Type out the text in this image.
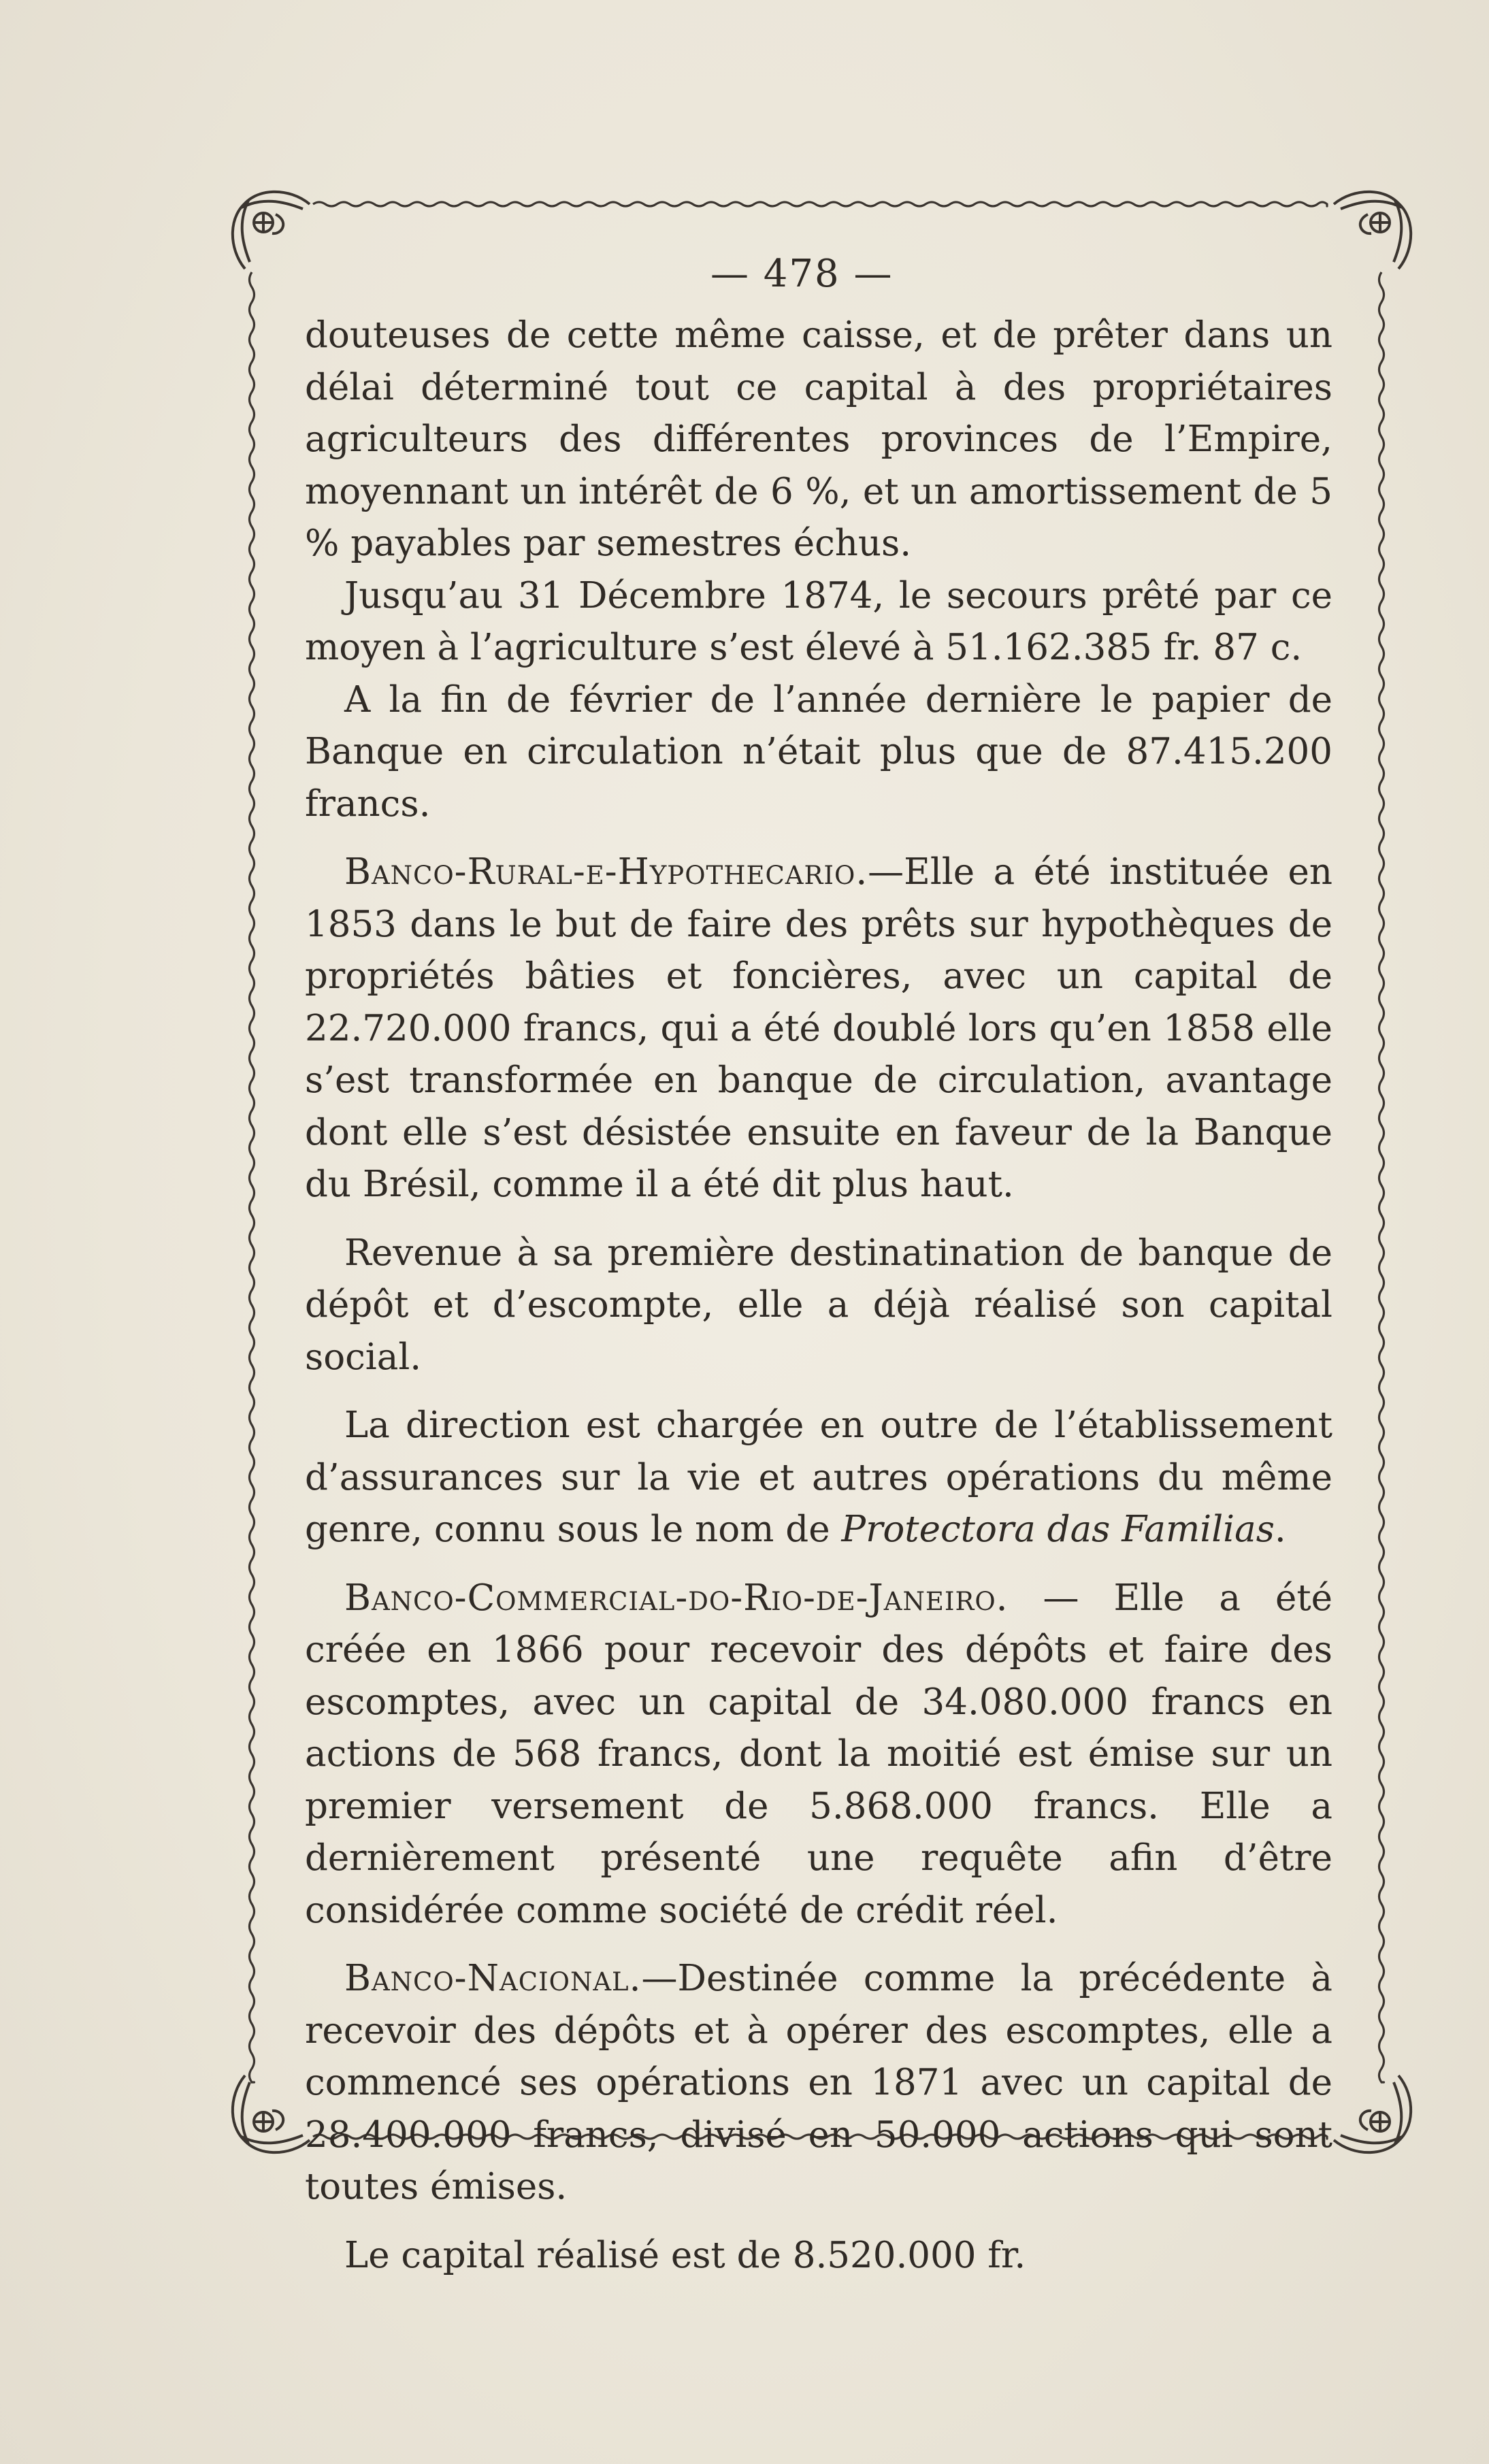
— 478 —

douteuses de cette même caisse, et de prêter dans un délai déterminé tout ce capital à des propriétaires agriculteurs des différentes provinces de l’Empire, moyennant un intérêt de 6 %, et un amortissement de 5 % payables par semestres échus.

Jusqu’au 31 Décembre 1874, le secours prêté par ce moyen à l’agriculture s’est élevé à 51.162.385 fr. 87 c.

A la fin de février de l’année dernière le papier de Banque en circulation n’était plus que de 87.415.200 francs.

Banco-Rural-e-Hypothecario.—Elle a été instituée en 1853 dans le but de faire des prêts sur hypothèques de propriétés bâties et foncières, avec un capital de 22.720.000 francs, qui a été doublé lors qu’en 1858 elle s’est transformée en banque de circulation, avantage dont elle s’est désistée ensuite en faveur de la Banque du Brésil, comme il a été dit plus haut.

Revenue à sa première destinatination de banque de dépôt et d’escompte, elle a déjà réalisé son capital social.

La direction est chargée en outre de l’établissement d’assurances sur la vie et autres opérations du même genre, connu sous le nom de Protectora das Familias.

Banco-Commercial-do-Rio-de-Janeiro. — Elle a été créée en 1866 pour recevoir des dépôts et faire des escomptes, avec un capital de 34.080.000 francs en actions de 568 francs, dont la moitié est émise sur un premier versement de 5.868.000 francs. Elle a dernièrement présenté une requête afin d’être considérée comme société de crédit réel.

Banco-Nacional.—Destinée comme la précédente à recevoir des dépôts et à opérer des escomptes, elle a commencé ses opérations en 1871 avec un capital de 28.400.000 francs, divisé en 50.000 actions qui sont toutes émises.

Le capital réalisé est de 8.520.000 fr.
